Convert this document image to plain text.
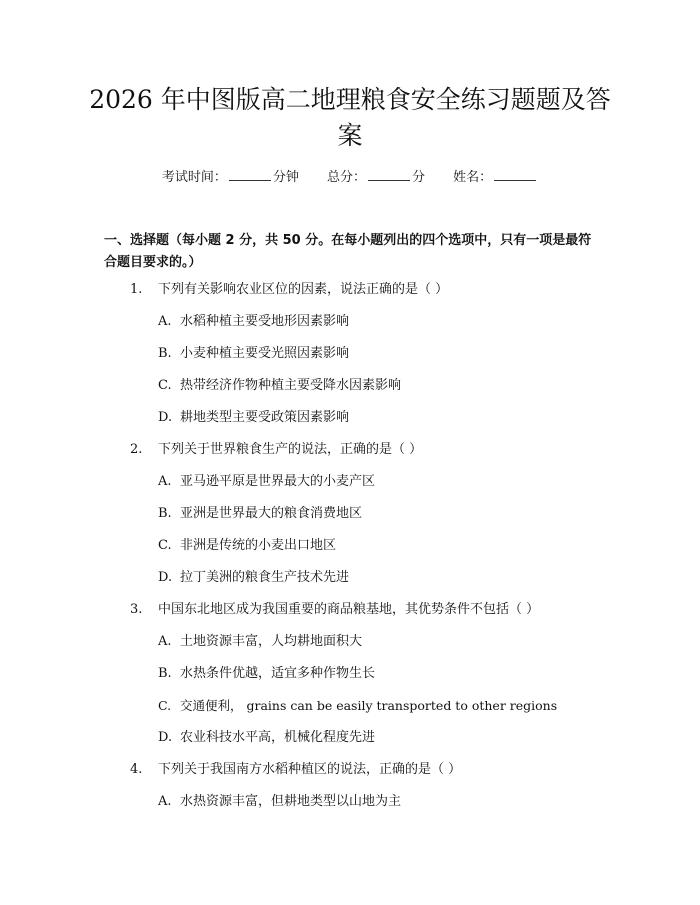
2026 年中图版高二地理粮食安全练习题题及答案
考试时间：	分钟 总分：	分 姓名：
一、选择题（每小题 2 分，共 50 分。在每小题列出的四个选项中，只有一项是最符合题目要求的。）
1. 下列有关影响农业区位的因素，说法正确的是（ ）
A. 水稻种植主要受地形因素影响
B. 小麦种植主要受光照因素影响
C. 热带经济作物种植主要受降水因素影响
D. 耕地类型主要受政策因素影响
2. 下列关于世界粮食生产的说法，正确的是（ ）
A. 亚马逊平原是世界最大的小麦产区
B. 亚洲是世界最大的粮食消费地区
C. 非洲是传统的小麦出口地区
D. 拉丁美洲的粮食生产技术先进
3. 中国东北地区成为我国重要的商品粮基地，其优势条件不包括（ ）
A. 土地资源丰富，人均耕地面积大
B. 水热条件优越，适宜多种作物生长
C. 交通便利， grains can be easily transported to other regions
D. 农业科技水平高，机械化程度先进
4. 下列关于我国南方水稻种植区的说法，正确的是（ ）
A. 水热资源丰富，但耕地类型以山地为主
